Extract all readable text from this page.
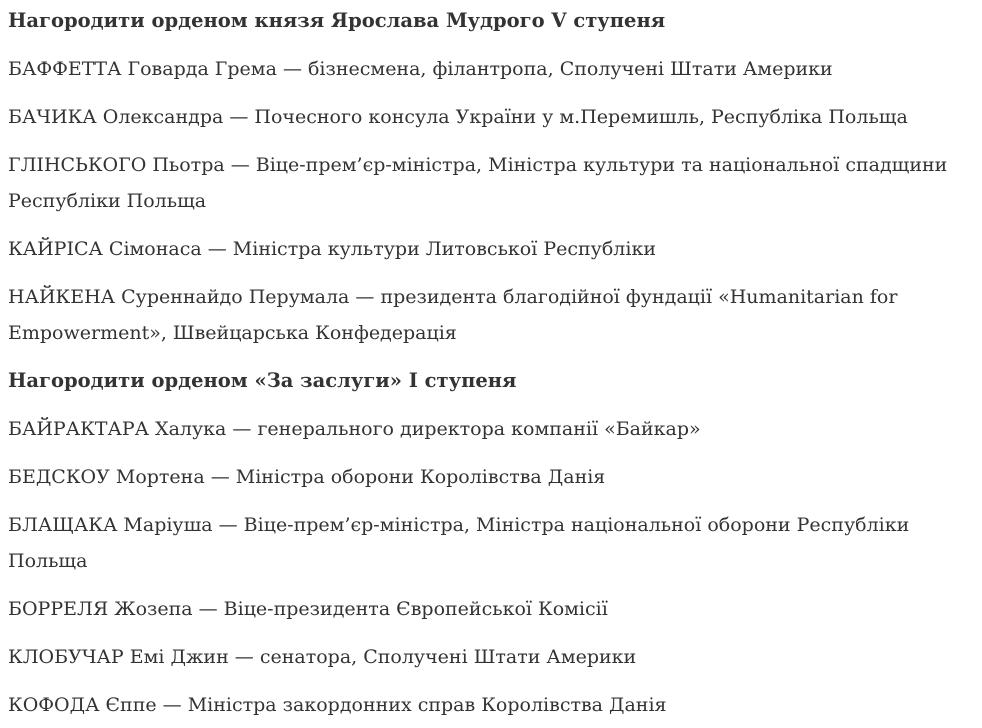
Нагородити орденом князя Ярослава Мудрого V ступеня

БАФФЕТТА Говарда Грема — бізнесмена, філантропа, Сполучені Штати Америки

БАЧИКА Олександра — Почесного консула України у м.Перемишль, Республіка Польща

ГЛІНСЬКОГО Пьотра — Віце-прем’єр-міністра, Міністра культури та національної спадщини Республіки Польща

КАЙРІСА Сімонаса — Міністра культури Литовської Республіки

НАЙКЕНА Суреннайдо Перумала — президента благодійної фундації «Humanitarian for Empowerment», Швейцарська Конфедерація

Нагородити орденом «За заслуги» І ступеня

БАЙРАКТАРА Халука — генерального директора компанії «Байкар»

БЕДСКОУ Мортена — Міністра оборони Королівства Данія

БЛАЩАКА Маріуша — Віце-прем’єр-міністра, Міністра національної оборони Республіки Польща

БОРРЕЛЯ Жозепа — Віце-президента Європейської Комісії

КЛОБУЧАР Емі Джин — сенатора, Сполучені Штати Америки

КОФОДА Єппе — Міністра закордонних справ Королівства Данія
